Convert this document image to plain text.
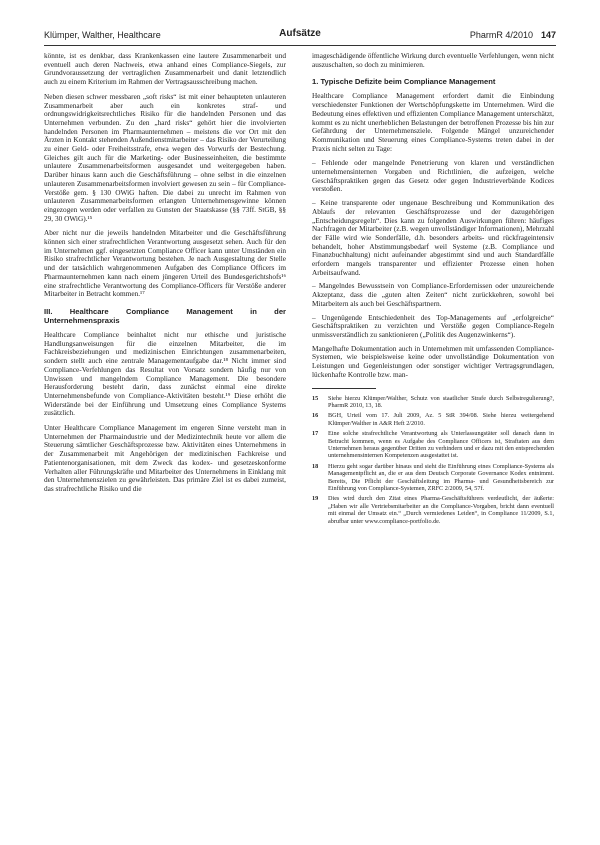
Klümper, Walther, Healthcare	Aufsätze	PharmR 4/2010 147

könnte, ist es denkbar, dass Krankenkassen eine lautere Zusammenarbeit und eventuell auch deren Nachweis, etwa anhand eines Compliance-Siegels, zur Grundvoraussetzung der vertraglichen Zusammenarbeit und danit letztendlich auch zu einem Kriterium im Rahmen der Vertragsausschreibung machen.

Neben diesen schwer messbaren „soft risks“ ist mit einer behaupteten unlauteren Zusammenarbeit aber auch ein konkretes straf- und ordnungswidrigkeitsrechtliches Risiko für die handelnden Personen und das Unternehmen verbunden. Zu den „hard risks“ gehört hier die involvierten handelnden Personen im Pharmaunternehmen – meistens die vor Ort mit den Ärzten in Kontakt stehenden Außendienstmitarbeiter – das Risiko der Verurteilung zu einer Geld- oder Freiheitsstrafe, etwa wegen des Vorwurfs der Bestechung. Gleiches gilt auch für die Marketing- oder Businesseinheiten, die bestimmte unlautere Zusammenarbeitsformen ausgesandet und weitergegeben haben. Darüber hinaus kann auch die Geschäftsführung – ohne selbst in die einzelnen unlauteren Zusammenarbeitsformen involviert gewesen zu sein – für Compliance-Verstöße gem. § 130 OWiG haften. Die dabei zu unrecht im Rahmen von unlauteren Zusammenarbeitsformen erlangten Unternehmensgewinne können eingezogen werden oder verfallen zu Gunsten der Staatskasse (§§ 73ff. StGB, §§ 29, 30 OWiG).¹⁵

Aber nicht nur die jeweils handelnden Mitarbeiter und die Geschäftsführung können sich einer strafrechtlichen Verantwortung ausgesetzt sehen. Auch für den im Unternehmen ggf. eingesetzten Compliance Officer kann unter Umständen ein Risiko strafrechtlicher Verantwortung bestehen. Je nach Ausgestaltung der Stelle und der tatsächlich wahrgenommenen Aufgaben des Compliance Officers im Pharmaunternehmen kann nach einem jüngeren Urteil des Bundesgerichtshofs¹⁶ eine strafrechtliche Verantwortung des Compliance-Officers für Verstöße anderer Mitarbeiter in Betracht kommen.¹⁷

III. Healthcare Compliance Management in der Unternehmenspraxis

Healthcare Compliance beinhaltet nicht nur ethische und juristische Handlungsanweisungen für die einzelnen Mitarbeiter, die im Fachkreisbeziehungen und medizinischen Einrichtungen zusammenarbeiten, sondern stellt auch eine zentrale Managementaufgabe dar.¹⁸ Nicht immer sind Compliance-Verfehlungen das Resultat von Vorsatz sondern häufig nur von Unwissen und mangelndem Compliance Management. Die besondere Herausforderung besteht darin, dass zunächst einmal eine direkte Unternehmensbefunde von Compliance-Aktivitäten besteht.¹⁹ Diese erhöht die Widerstände bei der Einführung und Umsetzung eines Compliance Systems zusätzlich.

Unter Healthcare Compliance Management im engeren Sinne versteht man in Unternehmen der Pharmaindustrie und der Medizintechnik heute vor allem die Steuerung sämtlicher Geschäftsprozesse bzw. Aktivitäten eines Unternehmens in der Zusammenarbeit mit Angehörigen der medizinischen Fachkreise und Patientenorganisationen, mit dem Zweck das kodex- und gesetzeskonforme Verhalten aller Führungskräfte und Mitarbeiter des Unternehmens in Einklang mit den Unternehmenszielen zu gewährleisten. Das primäre Ziel ist es dabei zumeist, das strafrechtliche Risiko und die

imageschädigende öffentliche Wirkung durch eventuelle Verfehlungen, wenn nicht auszuschalten, so doch zu minimieren.

1. Typische Defizite beim Compliance Management

Healthcare Compliance Management erfordert damit die Einbindung verschiedenster Funktionen der Wertschöpfungskette im Unternehmen. Wird die Bedeutung eines effektiven und effizienten Compliance Management unterschätzt, kommt es zu nicht unerheblichen Belastungen der betroffenen Prozesse bis hin zur Gefährdung der Unternehmensziele. Folgende Mängel unzureichender Kommunikation und Steuerung eines Compliance-Systems treten dabei in der Praxis nicht selten zu Tage:

– Fehlende oder mangelnde Penetrierung von klaren und verständlichen unternehmensinternen Vorgaben und Richtlinien, die aufzeigen, welche Geschäftspraktiken gegen das Gesetz oder gegen Industrieverbände Kodices verstoßen.
– Keine transparente oder ungenaue Beschreibung und Kommunikation des Ablaufs der relevanten Geschäftsprozesse und der dazugehörigen „Entscheidungsregeln“. Dies kann zu folgenden Auswirkungen führen: häufiges Nachfragen der Mitarbeiter (z.B. wegen unvollständiger Informationen), Mehrzahl der Fälle wird wie Sonderfälle, d.h. besonders arbeits- und rückfrageintensiv behandelt, hoher Abstimmungsbedarf weil Systeme (z.B. Compliance und Finanzbuchhaltung) nicht aufeinander abgestimmt sind und auch Standardfälle erfordern mangels transparenter und effizienter Prozesse einen hohen Arbeitsaufwand.
– Mangelndes Bewusstsein von Compliance-Erfordernissen oder unzureichende Akzeptanz, dass die „guten alten Zeiten“ nicht zurückkehren, sowohl bei Mitarbeitern als auch bei Geschäftspartnern.
– Ungenügende Entschiedenheit des Top-Managements auf „erfolgreiche“ Geschäftspraktiken zu verzichten und Verstöße gegen Compliance-Regeln unmissverständlich zu sanktionieren („Politik des Augenzwinkerns“).

Mangelhafte Dokumentation auch in Unternehmen mit umfassenden Compliance-Systemen, wie beispielsweise keine oder unvollständige Dokumentation von Leistungen und Gegenleistungen oder sonstiger wichtiger Vertragsgrundlagen, lückenhafte Kontrolle bzw. man-

15	Siehe hierzu Klümper/Walther, Schutz von staatlicher Strafe durch Selbstregulierung?, PharmR 2010, 13, 18.
16	BGH, Urteil vom 17. Juli 2009, Az. 5 StR 394/08. Siehe hierzu weitergehend Klümper/Walther in A&R Heft 2/2010.
17	Eine solche strafrechtliche Verantwortung als Unterlassungstäter soll danach dann in Betracht kommen, wenn es Aufgabe des Compliance Officers ist, Straftaten aus dem Unternehmen heraus gegenüber Dritten zu verhindern und er dazu mit den entsprechenden unternehmensinternen Kompetenzen ausgestattet ist.
18	Hierzu geht sogar darüber hinaus und sieht die Einführung eines Compliance-Systems als Managementpflicht an, die er aus dem Deutsch Corporate Governance Kodex entnimmt. Bereits, Die Pflicht der Geschäftsleitung im Pharma- und Gesundheitsbereich zur Einführung von Compliance-Systemen, ZRFC 2/2009, 54, 57f.
19	Dies wird durch den Zitat eines Pharma-Geschäftsführers verdeutlicht, der äußerte: „Haben wir alle Vertriebsmitarbeiter an die Compliance-Vorgaben, bricht dann eventuell mit einmal der Umsatz ein.“ „Durch vermiedenes Leiden“, in Compliance 11/2009, S.1, abrufbar unter www.compliance-portfolio.de.
